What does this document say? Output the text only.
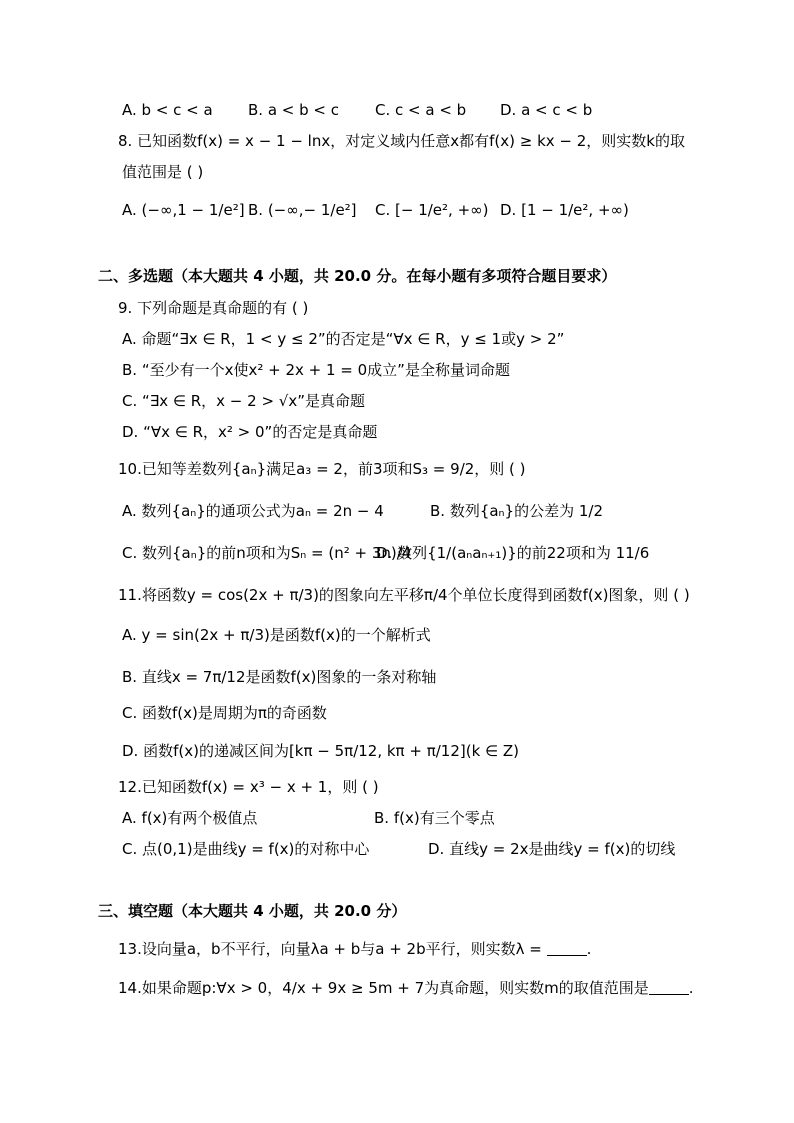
A. b < c < a B. a < b < c C. c < a < b D. a < c < b
8. 已知函数f(x) = x − 1 − lnx，对定义域内任意x都有f(x) ≥ kx − 2，则实数k的取
值范围是 ( )
A. (−∞,1 − 1/e²] B. (−∞,− 1/e²] C. [− 1/e², +∞) D. [1 − 1/e², +∞)
二、多选题（本大题共 4 小题，共 20.0 分。在每小题有多项符合题目要求）
9. 下列命题是真命题的有 ( )
A. 命题“∃x ∈ R，1 < y ≤ 2”的否定是“∀x ∈ R，y ≤ 1或y > 2”
B. “至少有一个x使x² + 2x + 1 = 0成立”是全称量词命题
C. “∃x ∈ R，x − 2 > √x”是真命题
D. “∀x ∈ R，x² > 0”的否定是真命题
10.已知等差数列{aₙ}满足a₃ = 2，前3项和S₃ = 9/2，则 ( )
A. 数列{aₙ}的通项公式为aₙ = 2n − 4	B. 数列{aₙ}的公差为 1/2
C. 数列{aₙ}的前n项和为Sₙ = (n² + 3n)/4
D. 数列{1/(aₙaₙ₊₁)}的前22项和为 11/6
11.将函数y = cos(2x + π/3)的图象向左平移π/4个单位长度得到函数f(x)图象，则 ( )
A. y = sin(2x + π/3)是函数f(x)的一个解析式
B. 直线x = 7π/12是函数f(x)图象的一条对称轴
C. 函数f(x)是周期为π的奇函数
D. 函数f(x)的递减区间为[kπ − 5π/12, kπ + π/12](k ∈ Z)
12.已知函数f(x) = x³ − x + 1，则 ( )
A. f(x)有两个极值点	B. f(x)有三个零点
C. 点(0,1)是曲线y = f(x)的对称中心	D. 直线y = 2x是曲线y = f(x)的切线
三、填空题（本大题共 4 小题，共 20.0 分）
13.设向量a，b不平行，向量λa + b与a + 2b平行，则实数λ =	.
14.如果命题p:∀x > 0，4/x + 9x ≥ 5m + 7为真命题，则实数m的取值范围是	.
